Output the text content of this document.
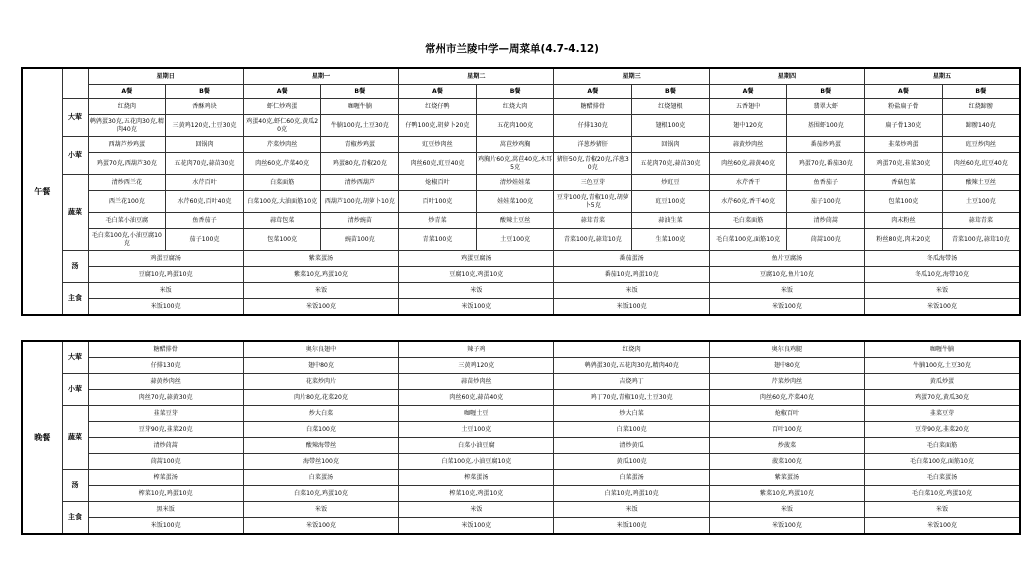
常州市兰陵中学—周菜单(4.7-4.12)
午餐		星期日		星期一		星期二		星期三		星期四		星期五	
		A餐	B餐	A餐	B餐	A餐	B餐	A餐	B餐	A餐	B餐	A餐	B餐
	大荤	红烧肉	香酥鸡块	虾仁炒鸡蛋	咖喱牛腩	红烧仔鸭	红烧大肉	糖醋排骨	红烧翅根	五香翅中	翡翠大虾	粉盐扁子骨	红烧蹄髈
		鹌鹑蛋30克,五花肉30克,精肉40克	三黄鸡120克,土豆30克	鸡蛋40克,虾仁60克,黄瓜20克	牛腩100克,土豆30克	仔鸭100克,胡萝卜20克	五花肉100克	仔排130克	翅根100克	翅中120克	基围虾100克	扁子骨130克	蹄髈140克
	小荤	西葫芦炒鸡蛋	回锅肉	芹菜炒肉丝	青椒炒鸡蛋	豇豆炒肉丝	莴苣炒鸡胸	洋葱炒猪肝	回锅肉	蒜黄炒肉丝	番茄炒鸡蛋	韭菜炒鸡蛋	豇豆炒肉丝
		鸡蛋70克,西葫芦30克	五花肉70克,蒜苗30克	肉丝60克,芹菜40克	鸡蛋80克,青椒20克	肉丝60克,豇豆40克	鸡胸片60克,莴苣40克,木耳5克	猪肝50克,青椒20克,洋葱30克	五花肉70克,蒜苗30克	肉丝60克,蒜黄40克	鸡蛋70克,番茄30克	鸡蛋70克,韭菜30克	肉丝60克,豇豆40克
	蔬菜	清炒西兰花	水芹百叶	白菜面筋	清炒西葫芦	炝椒百叶	清炒娃娃菜	三色豆芽	炒豇豆	水芹香干	鱼香茄子	香菇包菜	酸辣土豆丝
		西兰花100克	水芹60克,百叶40克	白菜100克,大油面筋10克	西葫芦100克,胡萝卜10克	百叶100克	娃娃菜100克	豆芽100克,青椒10克,胡萝卜5克	豇豆100克	水芹60克,香干40克	茄子100克	包菜100克	土豆100克
		毛白菜小油豆腐	鱼香茄子	蒜茸包菜	清炒豌苗	炒青菜	酸辣土豆丝	蒜茸青菜	蒜油生菜	毛白菜面筋	清炒茼蒿	肉末粉丝	蒜茸青菜
		毛白菜100克,小油豆腐10克	茄子100克	包菜100克	豌苗100克	青菜100克	土豆100克	青菜100克,蒜茸10克	生菜100克	毛白菜100克,面筋10克	茼蒿100克	粉丝80克,肉末20克	青菜100克,蒜茸10克
	汤	鸡蛋豆腐汤		紫菜蛋汤		鸡蛋豆腐汤		番茄蛋汤		鱼片豆腐汤		冬瓜海带汤	
		豆腐10克,鸡蛋10克		紫菜10克,鸡蛋10克		豆腐10克,鸡蛋10克		番茄10克,鸡蛋10克		豆腐10克,鱼片10克		冬瓜10克,海带10克	
	主食	米饭		米饭		米饭		米饭		米饭		米饭	
		米饭100克		米饭100克		米饭100克		米饭100克		米饭100克		米饭100克	
晚餐	大荤	糖醋排骨	奥尔良翅中	辣子鸡	红烧肉	奥尔良鸡腿	咖喱牛腩
		仔排130克	翅中80克	三黄鸡120克	鹌鹑蛋30克,五花肉30克,精肉40克	翅中80克	牛腩100克,土豆30克
	小荤	蒜黄炒肉丝	花菜炒肉片	蒜苗炒肉丝	吉烧鸡丁	芹菜炒肉丝	黄瓜炒蛋
		肉丝70克,蒜黄30克	肉片80克,花菜20克	肉丝60克,蒜苗40克	鸡丁70克,青椒10克,土豆30克	肉丝60克,芹菜40克	鸡蛋70克,黄瓜30克
	蔬菜	韭菜豆芽	炒大白菜	咖喱土豆	炒大白菜	炝椒百叶	韭菜豆芽
		豆芽90克,韭菜20克	白菜100克	土豆100克	白菜100克	百叶100克	豆芽90克,韭菜20克
		清炒茼蒿	酸辣海带丝	白菜小油豆腐	清炒黄瓜	炒菠菜	毛白菜面筋
		茼蒿100克	海带丝100克	白菜100克,小油豆腐10克	黄瓜100克	菠菜100克	毛白菜100克,面筋10克
	汤	榨菜蛋汤	白菜蛋汤	榨菜蛋汤	白菜蛋汤	紫菜蛋汤	毛白菜蛋汤
		榨菜10克,鸡蛋10克	白菜10克,鸡蛋10克	榨菜10克,鸡蛋10克	白菜10克,鸡蛋10克	紫菜10克,鸡蛋10克	毛白菜10克,鸡蛋10克
	主食	黑米饭	米饭	米饭	米饭	米饭	米饭
		米饭100克	米饭100克	米饭100克	米饭100克	米饭100克	米饭100克
